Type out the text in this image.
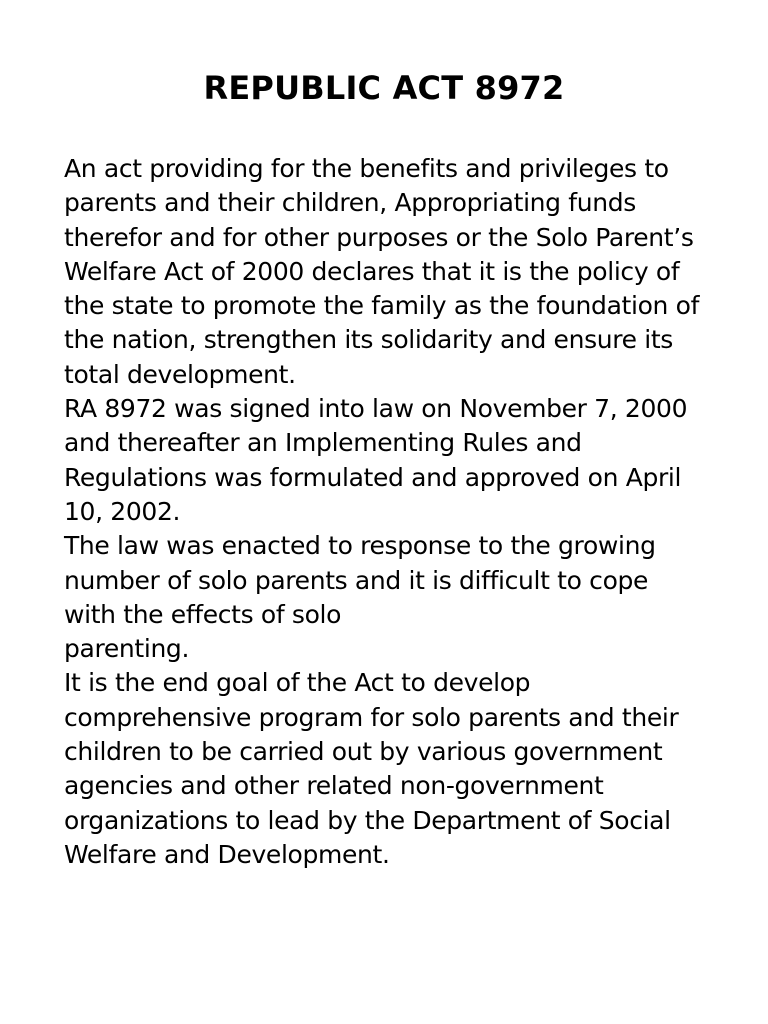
REPUBLIC ACT 8972
An act providing for the benefits and privileges to
parents and their children, Appropriating funds
therefor and for other purposes or the Solo Parent’s
Welfare Act of 2000 declares that it is the policy of
the state to promote the family as the foundation of
the nation, strengthen its solidarity and ensure its
total development.
RA 8972 was signed into law on November 7, 2000
and thereafter an Implementing Rules and
Regulations was formulated and approved on April
10, 2002.
The law was enacted to response to the growing
number of solo parents and it is difficult to cope
with the effects of solo
parenting.
It is the end goal of the Act to develop
comprehensive program for solo parents and their
children to be carried out by various government
agencies and other related non-government
organizations to lead by the Department of Social
Welfare and Development.
